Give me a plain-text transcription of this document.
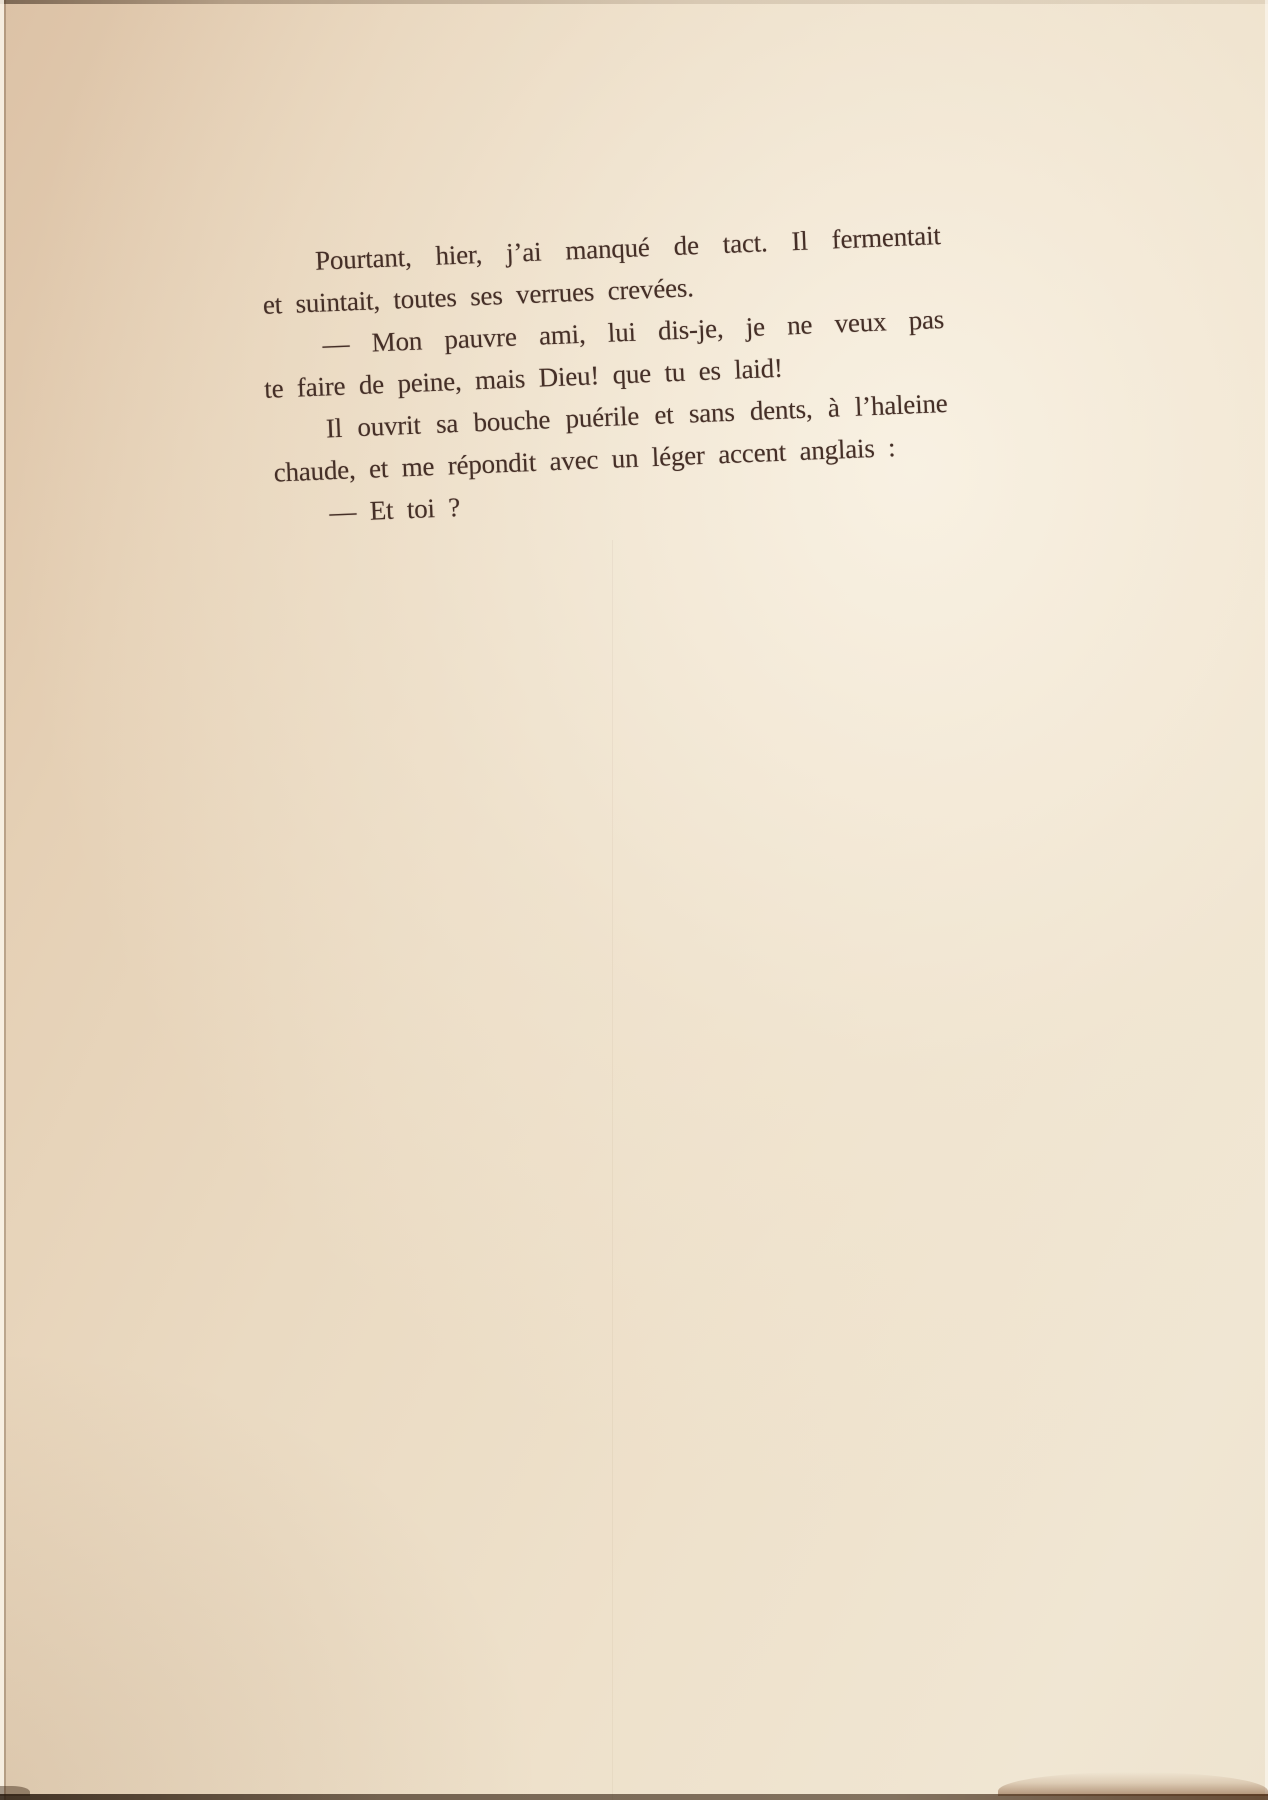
Pourtant, hier, j’ai manqué de tact. Il fermentait
et suintait, toutes ses verrues crevées.
— Mon pauvre ami, lui dis-je, je ne veux pas
te faire de peine, mais Dieu! que tu es laid!
Il ouvrit sa bouche puérile et sans dents, à l’haleine
chaude, et me répondit avec un léger accent anglais :
— Et toi ?
